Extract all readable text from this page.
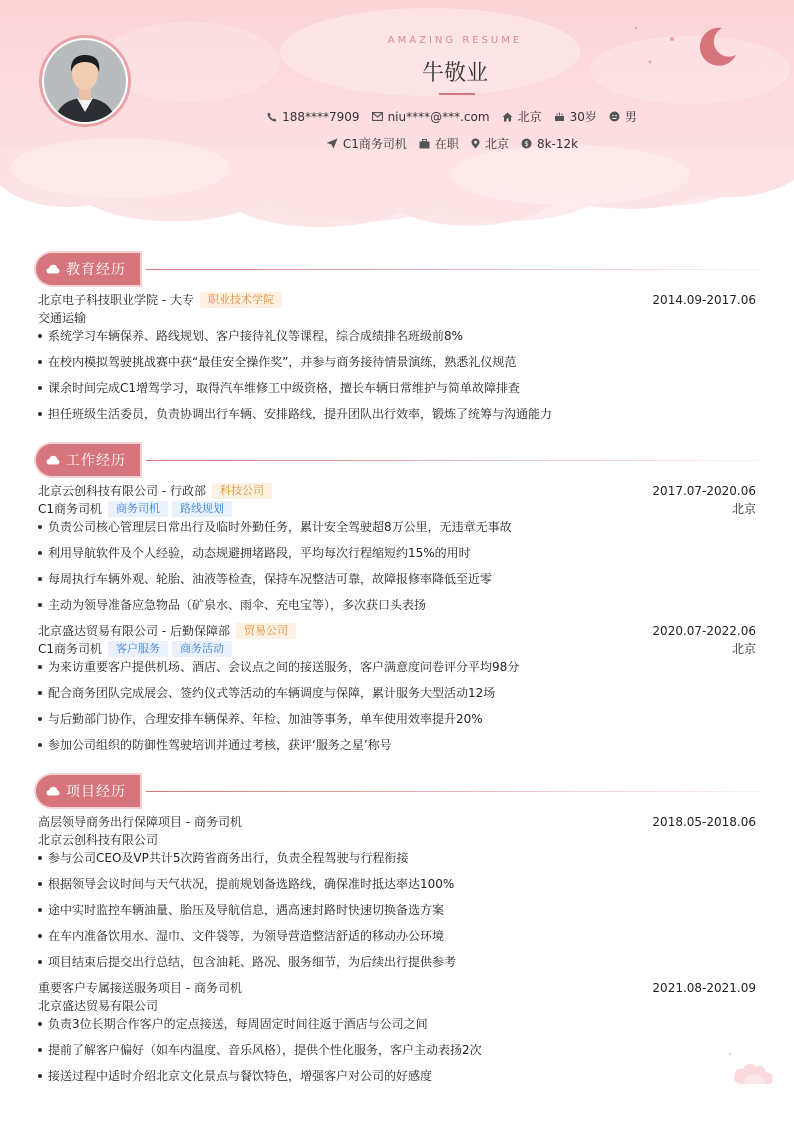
AMAZING RESUME
牛敬业
188****7909 niu****@***.com 北京 30岁 男
C1商务司机 在职 北京 $ 8k-12k
教育经历
北京电子科技职业学院 - 大专 职业技术学院	2014.09-2017.06
交通运输
系统学习车辆保养、路线规划、客户接待礼仪等课程，综合成绩排名班级前8%
在校内模拟驾驶挑战赛中获“最佳安全操作奖”，并参与商务接待情景演练，熟悉礼仪规范
课余时间完成C1增驾学习，取得汽车维修工中级资格，擅长车辆日常维护与简单故障排查
担任班级生活委员，负责协调出行车辆、安排路线，提升团队出行效率，锻炼了统筹与沟通能力
工作经历
北京云创科技有限公司 - 行政部 科技公司	2017.07-2020.06
C1商务司机 商务司机 路线规划	北京
负责公司核心管理层日常出行及临时外勤任务，累计安全驾驶超8万公里，无违章无事故
利用导航软件及个人经验，动态规避拥堵路段，平均每次行程缩短约15%的用时
每周执行车辆外观、轮胎、油液等检查，保持车况整洁可靠，故障报修率降低至近零
主动为领导准备应急物品（矿泉水、雨伞、充电宝等），多次获口头表扬
北京盛达贸易有限公司 - 后勤保障部 贸易公司	2020.07-2022.06
C1商务司机 客户服务 商务活动	北京
为来访重要客户提供机场、酒店、会议点之间的接送服务，客户满意度问卷评分平均98分
配合商务团队完成展会、签约仪式等活动的车辆调度与保障，累计服务大型活动12场
与后勤部门协作，合理安排车辆保养、年检、加油等事务，单车使用效率提升20%
参加公司组织的防御性驾驶培训并通过考核，获评‘服务之星’称号
项目经历
高层领导商务出行保障项目 - 商务司机	2018.05-2018.06
北京云创科技有限公司
参与公司CEO及VP共计5次跨省商务出行，负责全程驾驶与行程衔接
根据领导会议时间与天气状况，提前规划备选路线，确保准时抵达率达100%
途中实时监控车辆油量、胎压及导航信息，遇高速封路时快速切换备选方案
在车内准备饮用水、湿巾、文件袋等，为领导营造整洁舒适的移动办公环境
项目结束后提交出行总结，包含油耗、路况、服务细节，为后续出行提供参考
重要客户专属接送服务项目 - 商务司机	2021.08-2021.09
北京盛达贸易有限公司
负责3位长期合作客户的定点接送，每周固定时间往返于酒店与公司之间
提前了解客户偏好（如车内温度、音乐风格），提供个性化服务，客户主动表扬2次
接送过程中适时介绍北京文化景点与餐饮特色，增强客户对公司的好感度
